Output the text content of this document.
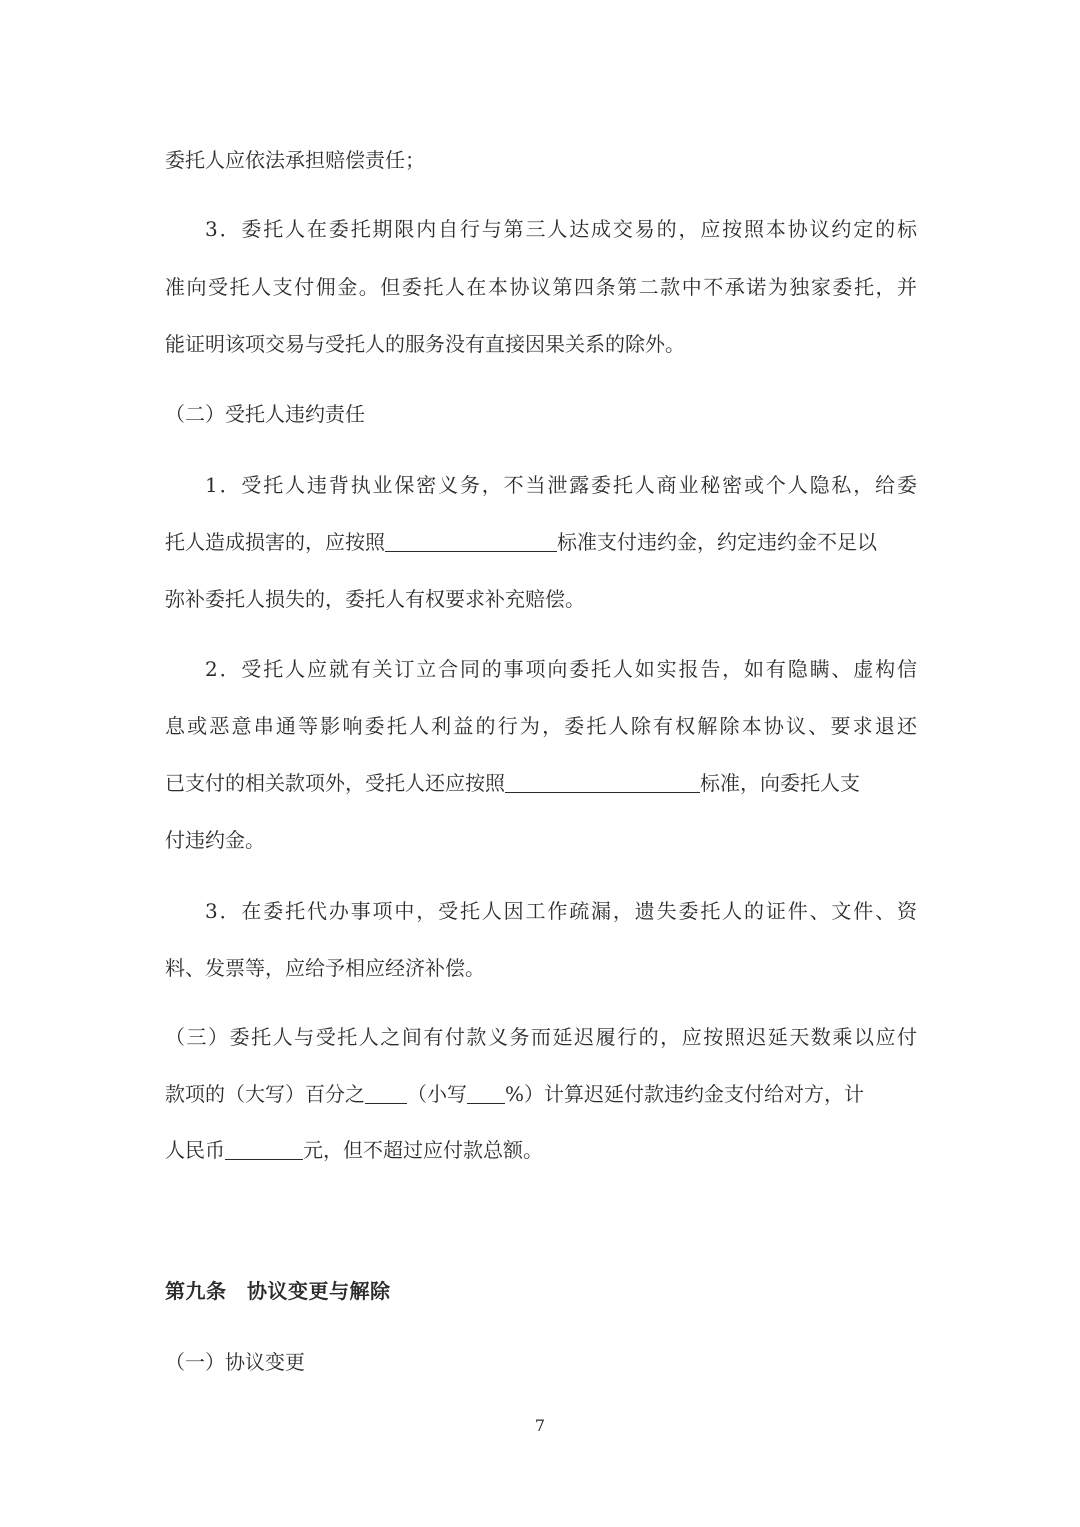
委托人应依法承担赔偿责任；
3．委托人在委托期限内自行与第三人达成交易的，应按照本协议约定的标
准向受托人支付佣金。但委托人在本协议第四条第二款中不承诺为独家委托，并
能证明该项交易与受托人的服务没有直接因果关系的除外。
（二）受托人违约责任
1．受托人违背执业保密义务，不当泄露委托人商业秘密或个人隐私，给委
托人造成损害的，应按照	标准支付违约金，约定违约金不足以
弥补委托人损失的，委托人有权要求补充赔偿。
2．受托人应就有关订立合同的事项向委托人如实报告，如有隐瞒、虚构信
息或恶意串通等影响委托人利益的行为，委托人除有权解除本协议、要求退还
已支付的相关款项外，受托人还应按照	标准，向委托人支
付违约金。
3．在委托代办事项中，受托人因工作疏漏，遗失委托人的证件、文件、资
料、发票等，应给予相应经济补偿。
（三）委托人与受托人之间有付款义务而延迟履行的，应按照迟延天数乘以应付
款项的（大写）百分之 （小写 %）计算迟延付款违约金支付给对方，计
人民币	元，但不超过应付款总额。
第九条　协议变更与解除
（一）协议变更
7
